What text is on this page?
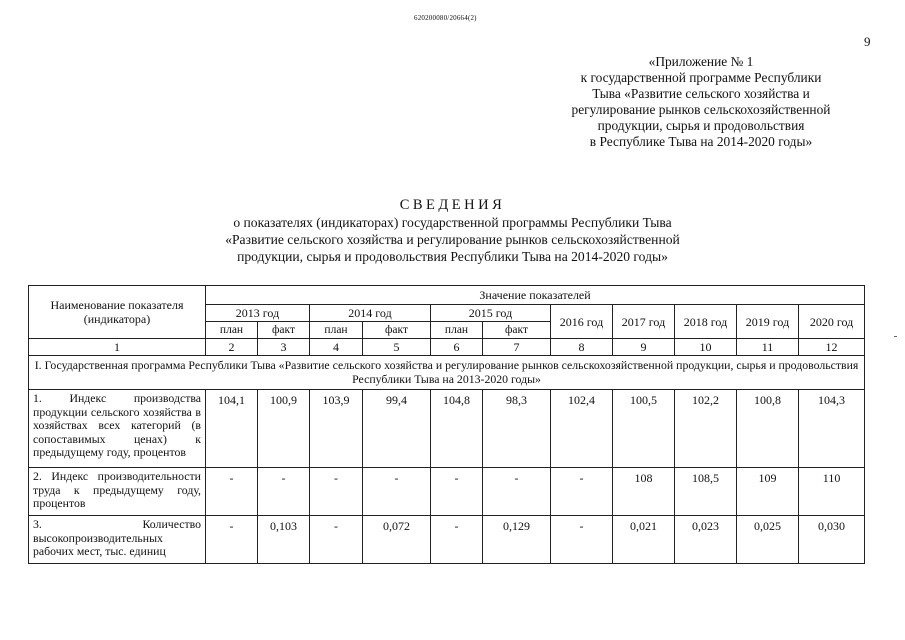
620200080/20664(2)
9
«Приложение № 1
к государственной программе Республики
Тыва «Развитие сельского хозяйства и
регулирование рынков сельскохозяйственной
продукции, сырья и продовольствия
в Республике Тыва на 2014-2020 годы»
СВЕДЕНИЯ
о показателях (индикаторах) государственной программы Республики Тыва
«Развитие сельского хозяйства и регулирование рынков сельскохозяйственной
продукции, сырья и продовольствия Республики Тыва на 2014-2020 годы»
Наименование показателя (индикатора)	Значение показателей										
	2013 год		2014 год		2015 год		2016 год	2017 год	2018 год	2019 год	2020 год
	план	факт	план	факт	план	факт					
1	2	3	4	5	6	7	8	9	10	11	12
I. Государственная программа Республики Тыва «Развитие сельского хозяйства и регулирование рынков сельскохозяйственной продукции, сырья и продовольствия Республики Тыва на 2013-2020 годы»											
1. Индекс производства продукции сельского хозяйства в хозяйствах всех категорий (в сопоставимых ценах) к предыдущему году, процентов	104,1	100,9	103,9	99,4	104,8	98,3	102,4	100,5	102,2	100,8	104,3
2. Индекс производительности труда к предыдущему году, процентов	-	-	-	-	-	-	-	108	108,5	109	110
3. Количество высокопроизводительных рабочих мест, тыс. единиц	-	0,103	-	0,072	-	0,129	-	0,021	0,023	0,025	0,030
